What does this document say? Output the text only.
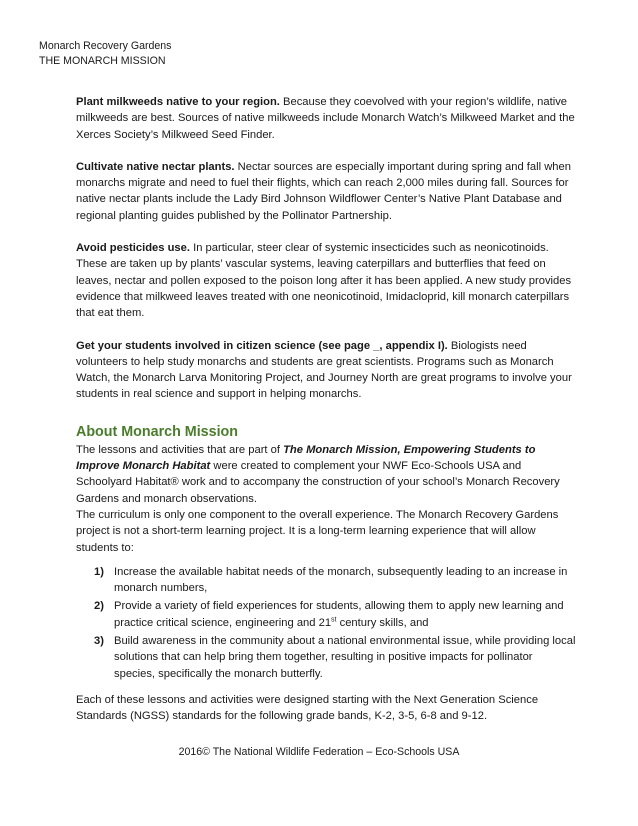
Monarch Recovery Gardens
THE MONARCH MISSION

Plant milkweeds native to your region. Because they coevolved with your region’s wildlife, native milkweeds are best. Sources of native milkweeds include Monarch Watch’s Milkweed Market and the Xerces Society’s Milkweed Seed Finder.

Cultivate native nectar plants. Nectar sources are especially important during spring and fall when monarchs migrate and need to fuel their flights, which can reach 2,000 miles during fall. Sources for native nectar plants include the Lady Bird Johnson Wildflower Center’s Native Plant Database and regional planting guides published by the Pollinator Partnership.

Avoid pesticides use. In particular, steer clear of systemic insecticides such as neonicotinoids. These are taken up by plants’ vascular systems, leaving caterpillars and butterflies that feed on leaves, nectar and pollen exposed to the poison long after it has been applied. A new study provides evidence that milkweed leaves treated with one neonicotinoid, Imidacloprid, kill monarch caterpillars that eat them.

Get your students involved in citizen science (see page _, appendix I). Biologists need volunteers to help study monarchs and students are great scientists. Programs such as Monarch Watch, the Monarch Larva Monitoring Project, and Journey North are great programs to involve your students in real science and support in helping monarchs.

About Monarch Mission

The lessons and activities that are part of The Monarch Mission, Empowering Students to Improve Monarch Habitat were created to complement your NWF Eco-Schools USA and Schoolyard Habitat® work and to accompany the construction of your school’s Monarch Recovery Gardens and monarch observations.

The curriculum is only one component to the overall experience. The Monarch Recovery Gardens project is not a short-term learning project. It is a long-term learning experience that will allow students to:

1) Increase the available habitat needs of the monarch, subsequently leading to an increase in monarch numbers,
2) Provide a variety of field experiences for students, allowing them to apply new learning and practice critical science, engineering and 21st century skills, and
3) Build awareness in the community about a national environmental issue, while providing local solutions that can help bring them together, resulting in positive impacts for pollinator species, specifically the monarch butterfly.

Each of these lessons and activities were designed starting with the Next Generation Science Standards (NGSS) standards for the following grade bands, K-2, 3-5, 6-8 and 9-12.

2016© The National Wildlife Federation – Eco-Schools USA
